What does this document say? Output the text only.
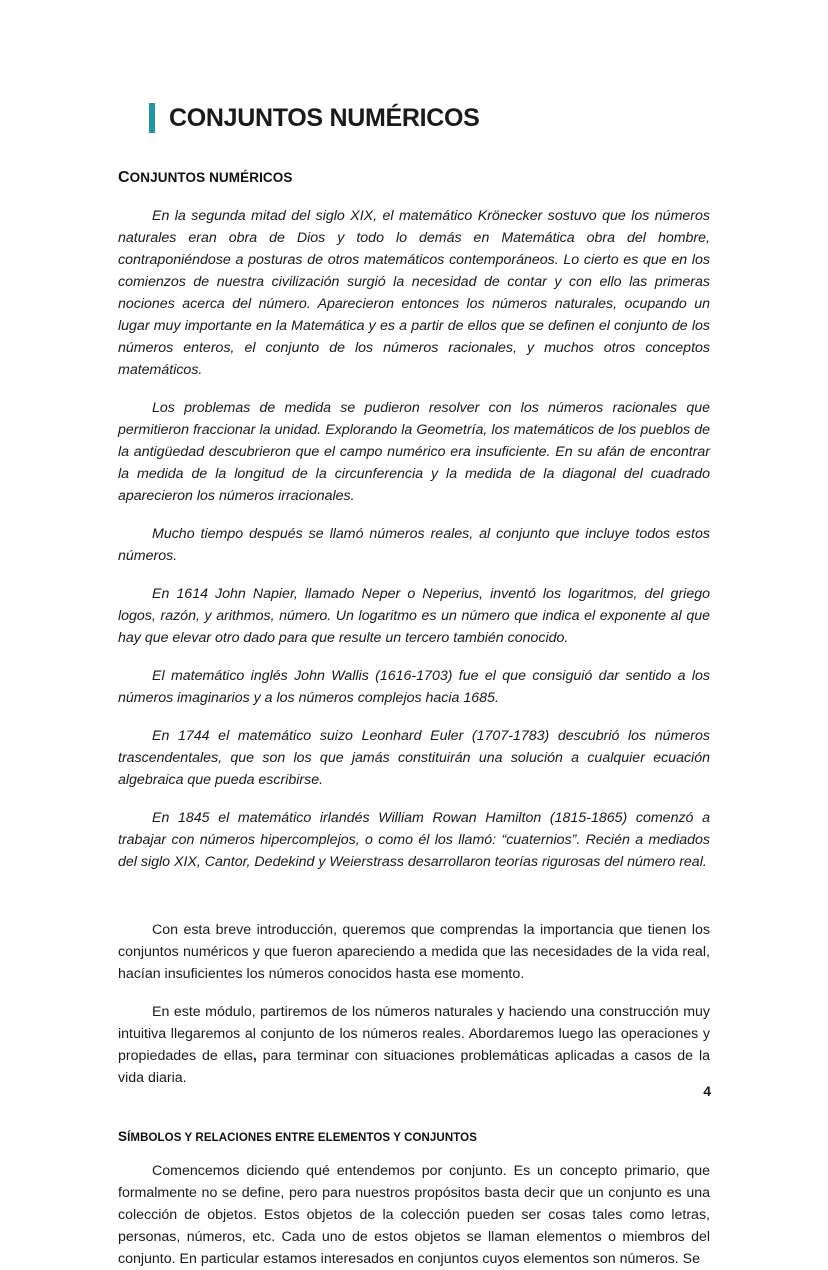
CONJUNTOS NUMÉRICOS
CONJUNTOS NUMÉRICOS

En la segunda mitad del siglo XIX, el matemático Krönecker sostuvo que los números naturales eran obra de Dios y todo lo demás en Matemática obra del hombre, contraponiéndose a posturas de otros matemáticos contemporáneos. Lo cierto es que en los comienzos de nuestra civilización surgió la necesidad de contar y con ello las primeras nociones acerca del número. Aparecieron entonces los números naturales, ocupando un lugar muy importante en la Matemática y es a partir de ellos que se definen el conjunto de los números enteros, el conjunto de los números racionales, y muchos otros conceptos matemáticos.

Los problemas de medida se pudieron resolver con los números racionales que permitieron fraccionar la unidad. Explorando la Geometría, los matemáticos de los pueblos de la antigüedad descubrieron que el campo numérico era insuficiente. En su afán de encontrar la medida de la longitud de la circunferencia y la medida de la diagonal del cuadrado aparecieron los números irracionales.

Mucho tiempo después se llamó números reales, al conjunto que incluye todos estos números.

En 1614 John Napier, llamado Neper o Neperius, inventó los logaritmos, del griego logos, razón, y arithmos, número. Un logaritmo es un número que indica el exponente al que hay que elevar otro dado para que resulte un tercero también conocido.

El matemático inglés John Wallis (1616-1703) fue el que consiguió dar sentido a los números imaginarios y a los números complejos hacia 1685.

En 1744 el matemático suizo Leonhard Euler (1707-1783) descubrió los números trascendentales, que son los que jamás constituirán una solución a cualquier ecuación algebraica que pueda escribirse.

En 1845 el matemático irlandés William Rowan Hamilton (1815-1865) comenzó a trabajar con números hipercomplejos, o como él los llamó: “cuaternios”. Recién a mediados del siglo XIX, Cantor, Dedekind y Weierstrass desarrollaron teorías rigurosas del número real.

Con esta breve introducción, queremos que comprendas la importancia que tienen los conjuntos numéricos y que fueron apareciendo a medida que las necesidades de la vida real, hacían insuficientes los números conocidos hasta ese momento.

En este módulo, partiremos de los números naturales y haciendo una construcción muy intuitiva llegaremos al conjunto de los números reales. Abordaremos luego las operaciones y propiedades de ellas, para terminar con situaciones problemáticas aplicadas a casos de la vida diaria.

SÍMBOLOS Y RELACIONES ENTRE ELEMENTOS Y CONJUNTOS

Comencemos diciendo qué entendemos por conjunto. Es un concepto primario, que formalmente no se define, pero para nuestros propósitos basta decir que un conjunto es una colección de objetos. Estos objetos de la colección pueden ser cosas tales como letras, personas, números, etc. Cada uno de estos objetos se llaman elementos o miembros del conjunto. En particular estamos interesados en conjuntos cuyos elementos son números. Se

4
